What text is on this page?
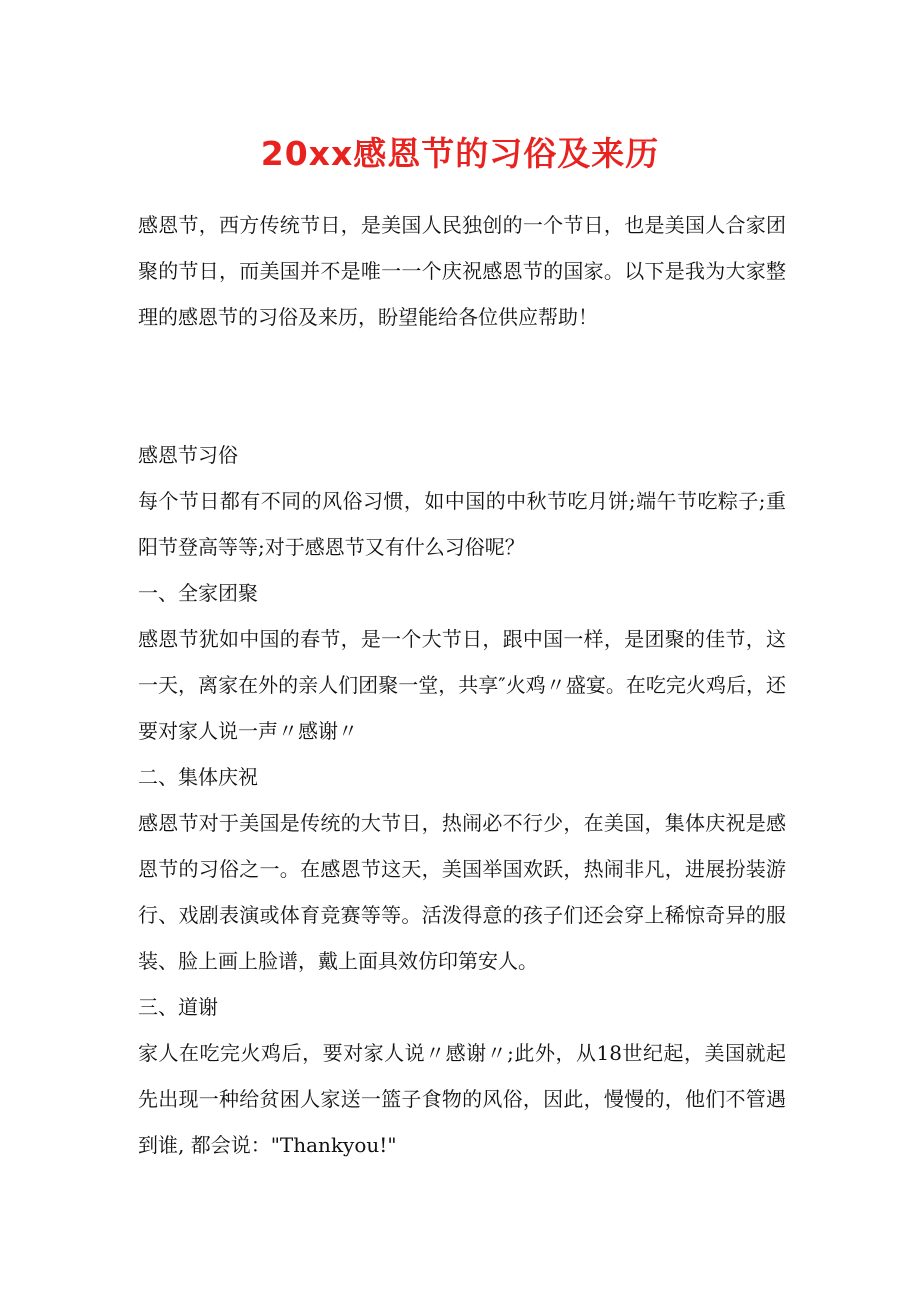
20xx感恩节的习俗及来历

感恩节，西方传统节日，是美国人民独创的一个节日，也是美国人合家团聚的节日，而美国并不是唯一一个庆祝感恩节的国家。以下是我为大家整理的感恩节的习俗及来历，盼望能给各位供应帮助！

感恩节习俗

每个节日都有不同的风俗习惯，如中国的中秋节吃月饼;端午节吃粽子;重阳节登高等等;对于感恩节又有什么习俗呢？

一、全家团聚

感恩节犹如中国的春节，是一个大节日，跟中国一样，是团聚的佳节，这一天，离家在外的亲人们团聚一堂，共享″火鸡〃盛宴。在吃完火鸡后，还要对家人说一声〃感谢〃

二、集体庆祝

感恩节对于美国是传统的大节日，热闹必不行少，在美国，集体庆祝是感恩节的习俗之一。在感恩节这天，美国举国欢跃，热闹非凡，进展扮装游行、戏剧表演或体育竞赛等等。活泼得意的孩子们还会穿上稀惊奇异的服装、脸上画上脸谱，戴上面具效仿印第安人。

三、道谢

家人在吃完火鸡后，要对家人说〃感谢〃;此外，从18世纪起，美国就起先出现一种给贫困人家送一篮子食物的风俗，因此，慢慢的，他们不管遇到谁, 都会说："Thankyou!"
